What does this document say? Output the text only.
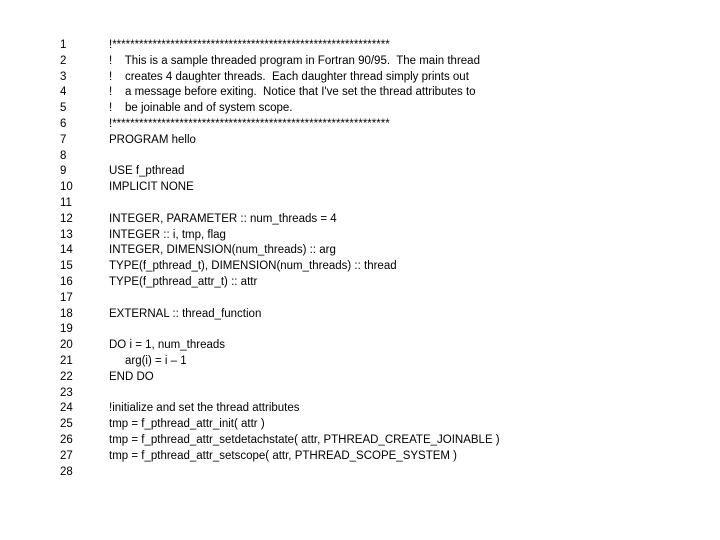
1	!**************************************************************
2	!    This is a sample threaded program in Fortran 90/95.  The main thread
3	!    creates 4 daughter threads.  Each daughter thread simply prints out
4	!    a message before exiting.  Notice that I've set the thread attributes to
5	!    be joinable and of system scope.
6	!**************************************************************
7	PROGRAM hello
8
9	USE f_pthread
10	IMPLICIT NONE
11
12	INTEGER, PARAMETER :: num_threads = 4
13	INTEGER :: i, tmp, flag
14	INTEGER, DIMENSION(num_threads) :: arg
15	TYPE(f_pthread_t), DIMENSION(num_threads) :: thread
16	TYPE(f_pthread_attr_t) :: attr
17
18	EXTERNAL :: thread_function
19
20	DO i = 1, num_threads
21	arg(i) = i – 1
22	END DO
23
24	!initialize and set the thread attributes
25	tmp = f_pthread_attr_init( attr )
26	tmp = f_pthread_attr_setdetachstate( attr, PTHREAD_CREATE_JOINABLE )
27	tmp = f_pthread_attr_setscope( attr, PTHREAD_SCOPE_SYSTEM )
28
